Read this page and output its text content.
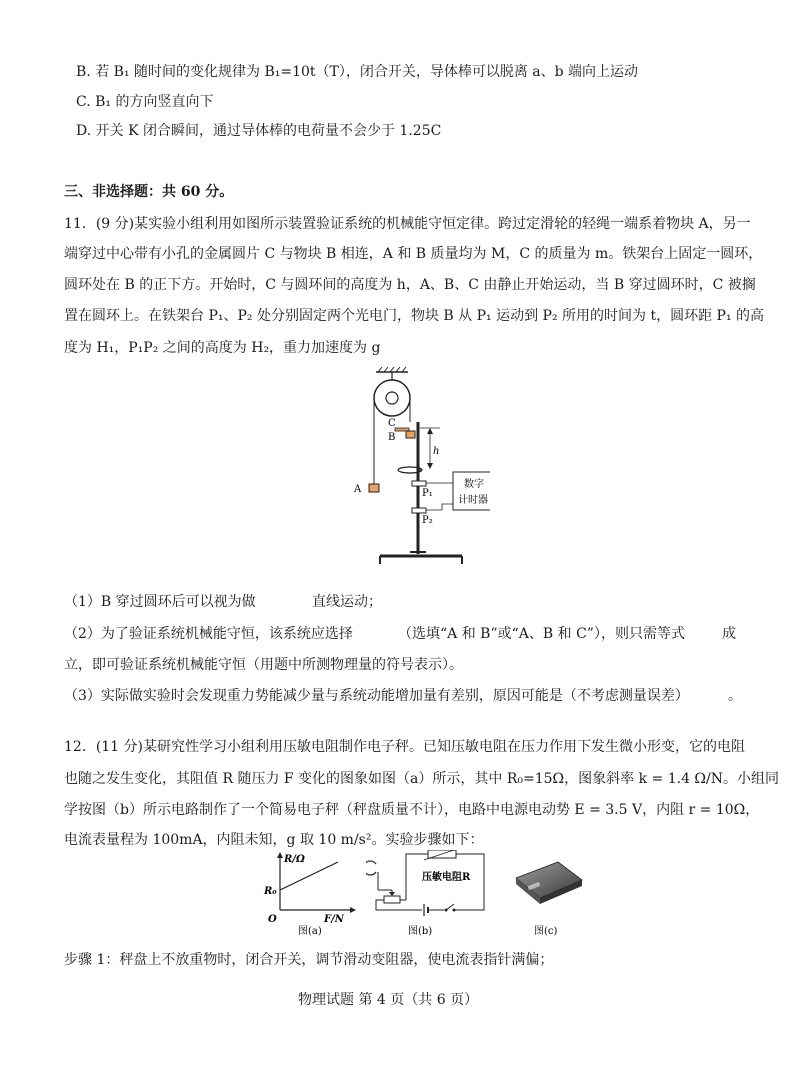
B. 若 B₁ 随时间的变化规律为 B₁=10t（T），闭合开关，导体棒可以脱离 a、b 端向上运动
C. B₁ 的方向竖直向下
D. 开关 K 闭合瞬间，通过导体棒的电荷量不会少于 1.25C
三、非选择题：共 60 分。
11．(9 分)某实验小组利用如图所示装置验证系统的机械能守恒定律。跨过定滑轮的轻绳一端系着物块 A，另一
端穿过中心带有小孔的金属圆片 C 与物块 B 相连，A 和 B 质量均为 M，C 的质量为 m。铁架台上固定一圆环，
圆环处在 B 的正下方。开始时，C 与圆环间的高度为 h，A、B、C 由静止开始运动，当 B 穿过圆环时，C 被搁
置在圆环上。在铁架台 P₁、P₂ 处分别固定两个光电门，物块 B 从 P₁ 运动到 P₂ 所用的时间为 t，圆环距 P₁ 的高
度为 H₁，P₁P₂ 之间的高度为 H₂，重力加速度为 g
A
C
B
h
P₁
P₂
数字
计时器
（1）B 穿过圆环后可以视为做	直线运动；
（2）为了验证系统机械能守恒，该系统应选择	（选填“A 和 B”或“A、B 和 C”），则只需等式	成
立，即可验证系统机械能守恒（用题中所测物理量的符号表示）。
（3）实际做实验时会发现重力势能减少量与系统动能增加量有差别，原因可能是（不考虑测量误差）	。
12．(11 分)某研究性学习小组利用压敏电阻制作电子秤。已知压敏电阻在压力作用下发生微小形变，它的电阻
也随之发生变化，其阻值 R 随压力 F 变化的图象如图（a）所示，其中 R₀=15Ω，图象斜率 k = 1.4 Ω/N。小组同
学按图（b）所示电路制作了一个简易电子秤（秤盘质量不计），电路中电源电动势 E = 3.5 V，内阻 r = 10Ω，
电流表量程为 100mA，内阻未知，g 取 10 m/s²。实验步骤如下：
R/Ω
R₀
O	F/N
图(a)
压敏电阻R
图(b)	图(c)
步骤 1：秤盘上不放重物时，闭合开关，调节滑动变阻器，使电流表指针满偏；
物理试题 第 4 页（共 6 页）
